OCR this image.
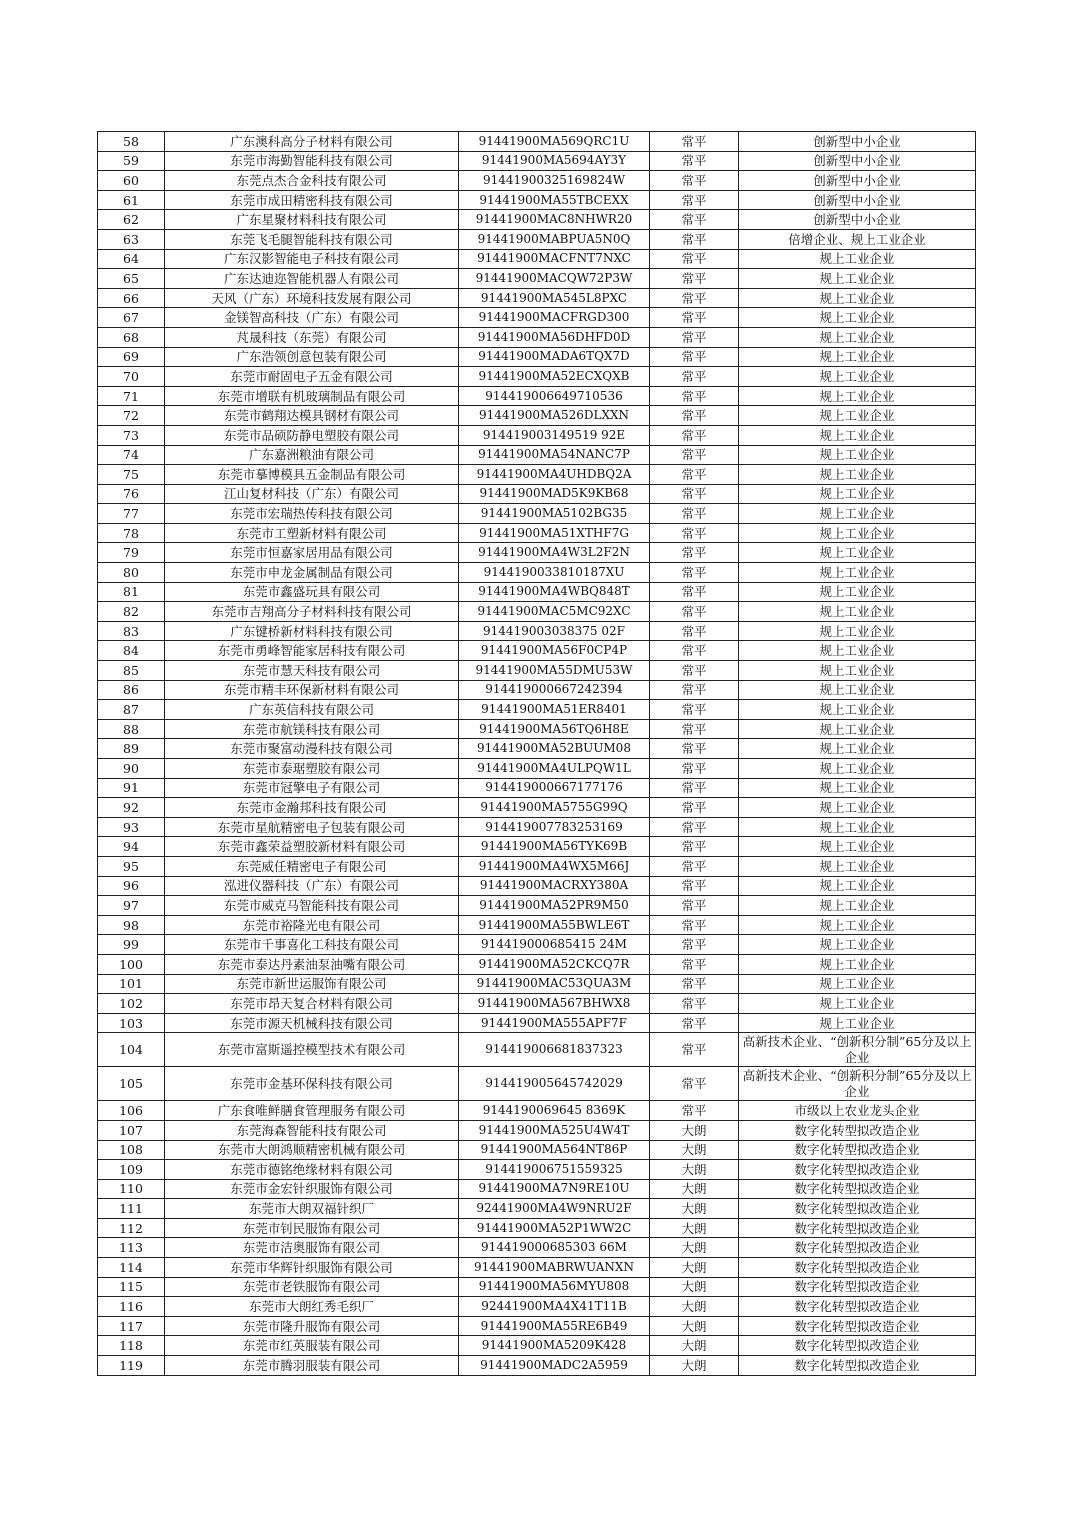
58	广东澳科高分子材料有限公司	91441900MA569QRC1U	常平	创新型中小企业
59	东莞市海勤智能科技有限公司	91441900MA5694AY3Y	常平	创新型中小企业
60	东莞点杰合金科技有限公司	91441900325169824W	常平	创新型中小企业
61	东莞市成田精密科技有限公司	91441900MA55TBCEXX	常平	创新型中小企业
62	广东星聚材料科技有限公司	91441900MAC8NHWR20	常平	创新型中小企业
63	东莞飞毛腿智能科技有限公司	91441900MABPUA5N0Q	常平	倍增企业、规上工业企业
64	广东汉影智能电子科技有限公司	91441900MACFNT7NXC	常平	规上工业企业
65	广东达迪迩智能机器人有限公司	91441900MACQW72P3W	常平	规上工业企业
66	天风（广东）环境科技发展有限公司	91441900MA545L8PXC	常平	规上工业企业
67	金镁智高科技（广东）有限公司	91441900MACFRGD300	常平	规上工业企业
68	芃晟科技（东莞）有限公司	91441900MA56DHFD0D	常平	规上工业企业
69	广东浩领创意包装有限公司	91441900MADA6TQX7D	常平	规上工业企业
70	东莞市耐固电子五金有限公司	91441900MA52ECXQXB	常平	规上工业企业
71	东莞市增联有机玻璃制品有限公司	914419006649710536	常平	规上工业企业
72	东莞市鹤翔达模具钢材有限公司	91441900MA526DLXXN	常平	规上工业企业
73	东莞市品硕防静电塑胶有限公司	914419003149519 92E	常平	规上工业企业
74	广东嘉洲粮油有限公司	91441900MA54NANC7P	常平	规上工业企业
75	东莞市摹博模具五金制品有限公司	91441900MA4UHDBQ2A	常平	规上工业企业
76	江山复材科技（广东）有限公司	91441900MAD5K9KB68	常平	规上工业企业
77	东莞市宏瑞热传科技有限公司	91441900MA5102BG35	常平	规上工业企业
78	东莞市工塑新材料有限公司	91441900MA51XTHF7G	常平	规上工业企业
79	东莞市恒嘉家居用品有限公司	91441900MA4W3L2F2N	常平	规上工业企业
80	东莞市申龙金属制品有限公司	9144190033810187XU	常平	规上工业企业
81	东莞市鑫盛玩具有限公司	91441900MA4WBQ848T	常平	规上工业企业
82	东莞市吉翔高分子材料科技有限公司	91441900MAC5MC92XC	常平	规上工业企业
83	广东键桥新材料科技有限公司	914419003038375 02F	常平	规上工业企业
84	东莞市勇峰智能家居科技有限公司	91441900MA56F0CP4P	常平	规上工业企业
85	东莞市慧天科技有限公司	91441900MA55DMU53W	常平	规上工业企业
86	东莞市精丰环保新材料有限公司	914419000667242394	常平	规上工业企业
87	广东英信科技有限公司	91441900MA51ER8401	常平	规上工业企业
88	东莞市航镁科技有限公司	91441900MA56TQ6H8E	常平	规上工业企业
89	东莞市聚富动漫科技有限公司	91441900MA52BUUM08	常平	规上工业企业
90	东莞市泰琚塑胶有限公司	91441900MA4ULPQW1L	常平	规上工业企业
91	东莞市冠擎电子有限公司	914419000667177176	常平	规上工业企业
92	东莞市金瀚邦科技有限公司	91441900MA5755G99Q	常平	规上工业企业
93	东莞市星航精密电子包装有限公司	914419007783253169	常平	规上工业企业
94	东莞市鑫荣益塑胶新材料有限公司	91441900MA56TYK69B	常平	规上工业企业
95	东莞威任精密电子有限公司	91441900MA4WX5M66J	常平	规上工业企业
96	泓进仪器科技（广东）有限公司	91441900MACRXY380A	常平	规上工业企业
97	东莞市威克马智能科技有限公司	91441900MA52PR9M50	常平	规上工业企业
98	东莞市裕隆光电有限公司	91441900MA55BWLE6T	常平	规上工业企业
99	东莞市千事喜化工科技有限公司	914419000685415 24M	常平	规上工业企业
100	东莞市泰达丹素油泵油嘴有限公司	91441900MA52CKCQ7R	常平	规上工业企业
101	东莞市新世运服饰有限公司	91441900MAC53QUA3M	常平	规上工业企业
102	东莞市昂天复合材料有限公司	91441900MA567BHWX8	常平	规上工业企业
103	东莞市源天机械科技有限公司	91441900MA555APF7F	常平	规上工业企业
104	东莞市富斯遥控模型技术有限公司	914419006681837323	常平	高新技术企业、“创新积分制”65分及以上企业
105	东莞市金基环保科技有限公司	914419005645742029	常平	高新技术企业、“创新积分制”65分及以上企业
106	广东食唯鲜膳食管理服务有限公司	9144190069645 8369K	常平	市级以上农业龙头企业
107	东莞海森智能科技有限公司	91441900MA525U4W4T	大朗	数字化转型拟改造企业
108	东莞市大朗鸿顺精密机械有限公司	91441900MA564NT86P	大朗	数字化转型拟改造企业
109	东莞市德铭绝缘材料有限公司	914419006751559325	大朗	数字化转型拟改造企业
110	东莞市金宏针织服饰有限公司	91441900MA7N9RE10U	大朗	数字化转型拟改造企业
111	东莞市大朗双福针织厂	92441900MA4W9NRU2F	大朗	数字化转型拟改造企业
112	东莞市钊民服饰有限公司	91441900MA52P1WW2C	大朗	数字化转型拟改造企业
113	东莞市洁奥服饰有限公司	914419000685303 66M	大朗	数字化转型拟改造企业
114	东莞市华辉针织服饰有限公司	91441900MABRWUANXN	大朗	数字化转型拟改造企业
115	东莞市老铁服饰有限公司	91441900MA56MYU808	大朗	数字化转型拟改造企业
116	东莞市大朗红秀毛织厂	92441900MA4X41T11B	大朗	数字化转型拟改造企业
117	东莞市隆升服饰有限公司	91441900MA55RE6B49	大朗	数字化转型拟改造企业
118	东莞市红英服装有限公司	91441900MA5209K428	大朗	数字化转型拟改造企业
119	东莞市腾羽服装有限公司	91441900MADC2A5959	大朗	数字化转型拟改造企业
